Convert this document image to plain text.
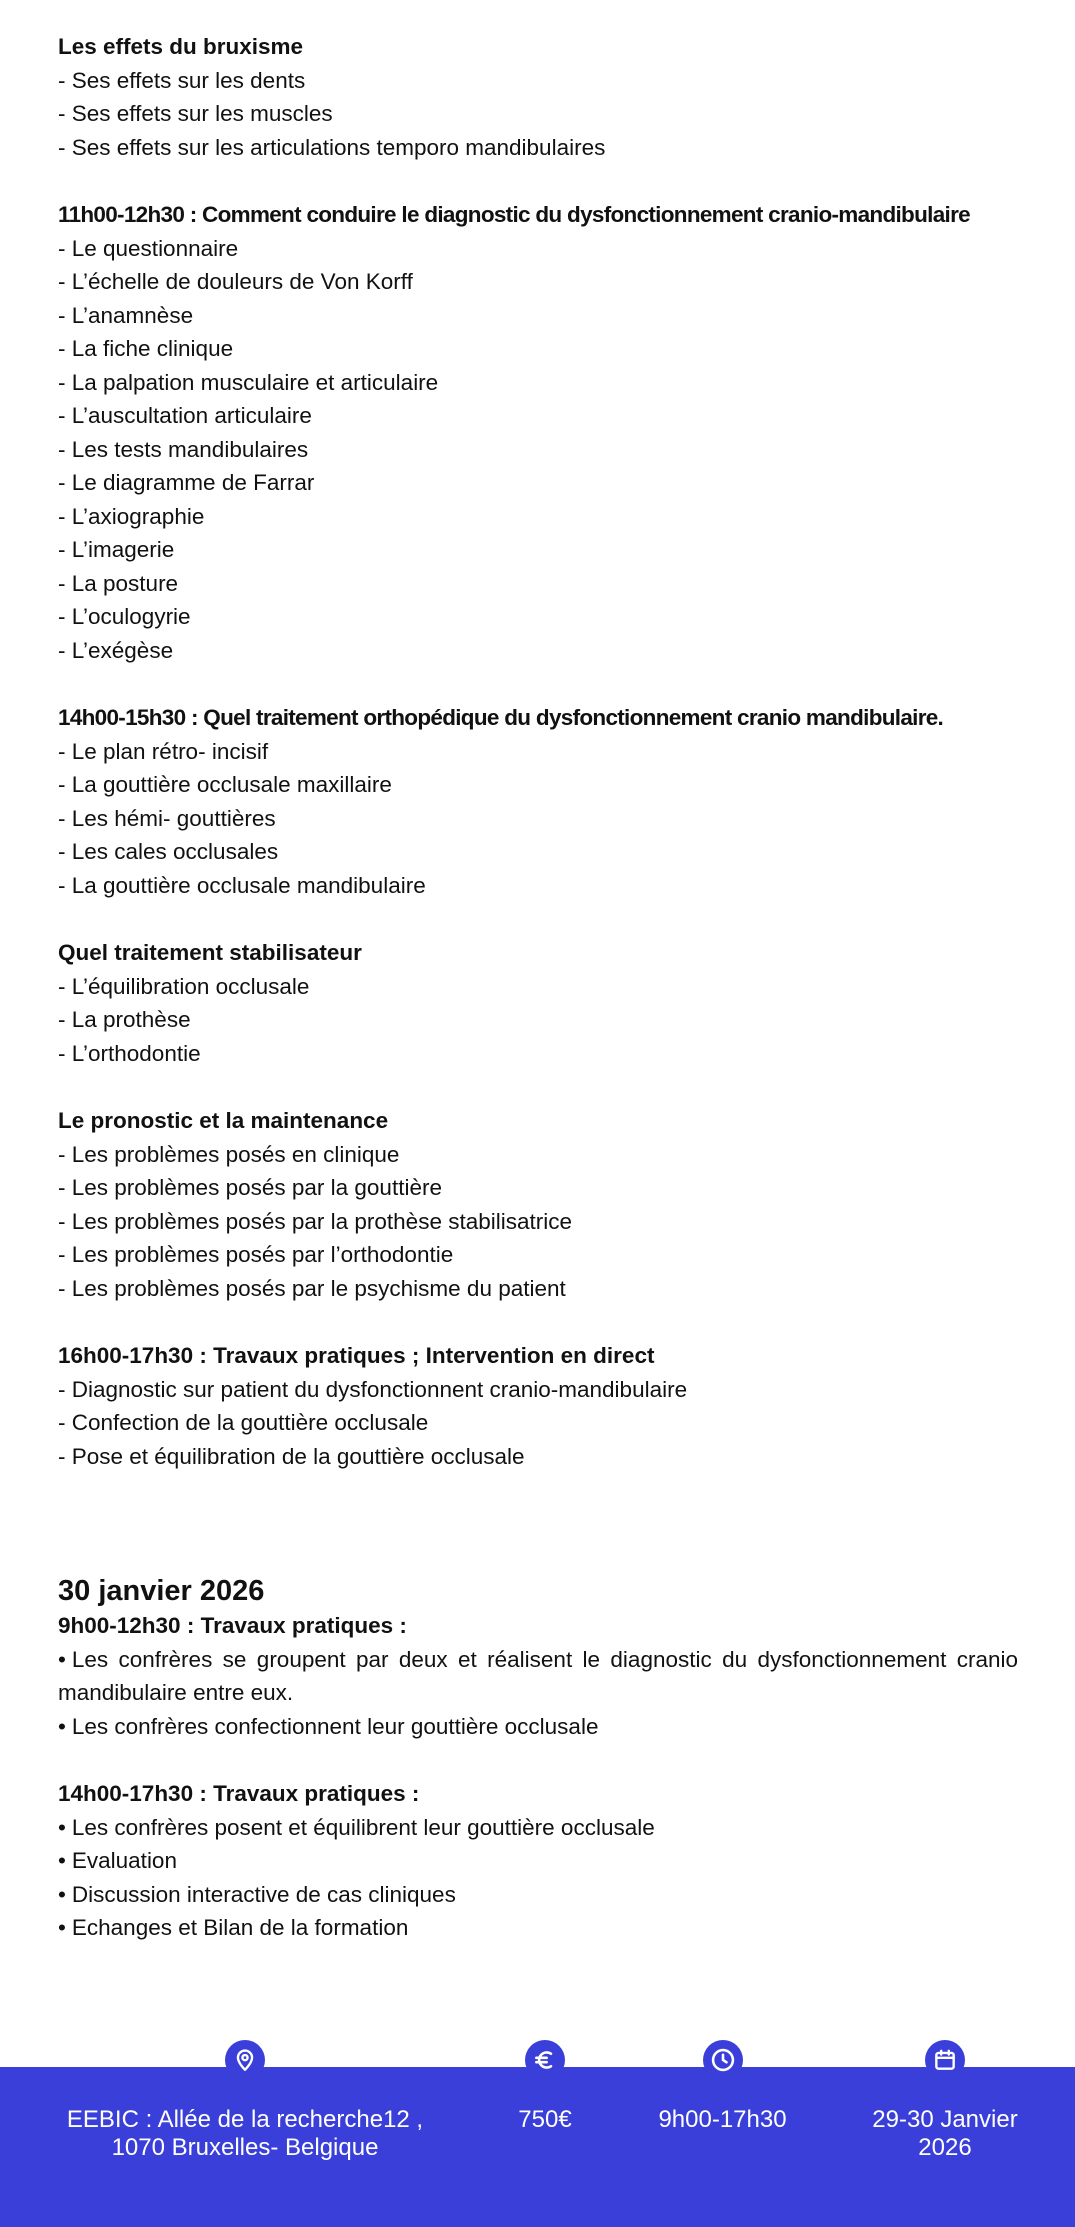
Les effets du bruxisme
- Ses effets sur les dents
- Ses effets sur les muscles
- Ses effets sur les articulations temporo mandibulaires
11h00-12h30 : Comment conduire le diagnostic du dysfonctionnement cranio-mandibulaire
- Le questionnaire
- L’échelle de douleurs de Von Korff
- L’anamnèse
- La fiche clinique
- La palpation musculaire et articulaire
- L’auscultation articulaire
- Les tests mandibulaires
- Le diagramme de Farrar
- L’axiographie
- L’imagerie
- La posture
- L’oculogyrie
- L’exégèse
14h00-15h30 : Quel traitement orthopédique du dysfonctionnement cranio mandibulaire.
- Le plan rétro- incisif
- La gouttière occlusale maxillaire
- Les hémi- gouttières
- Les cales occlusales
- La gouttière occlusale mandibulaire
Quel traitement stabilisateur
- L’équilibration occlusale
- La prothèse
- L’orthodontie
Le pronostic et la maintenance
- Les problèmes posés en clinique
- Les problèmes posés par la gouttière
- Les problèmes posés par la prothèse stabilisatrice
- Les problèmes posés par l’orthodontie
- Les problèmes posés par le psychisme du patient
16h00-17h30 : Travaux pratiques ; Intervention en direct
- Diagnostic sur patient du dysfonctionnent cranio-mandibulaire
- Confection de la gouttière occlusale
- Pose et équilibration de la gouttière occlusale
30 janvier 2026
9h00-12h30 : Travaux pratiques :
• Les confrères se groupent par deux et réalisent le diagnostic du dysfonctionnement cranio mandibulaire entre eux.
• Les confrères confectionnent leur gouttière occlusale
14h00-17h30 : Travaux pratiques :
• Les confrères posent et équilibrent leur gouttière occlusale
• Evaluation
• Discussion interactive de cas cliniques
• Echanges et Bilan de la formation
EEBIC : Allée de la recherche12 ,
1070 Bruxelles- Belgique
750€	9h00-17h30	29-30 Janvier
2026
